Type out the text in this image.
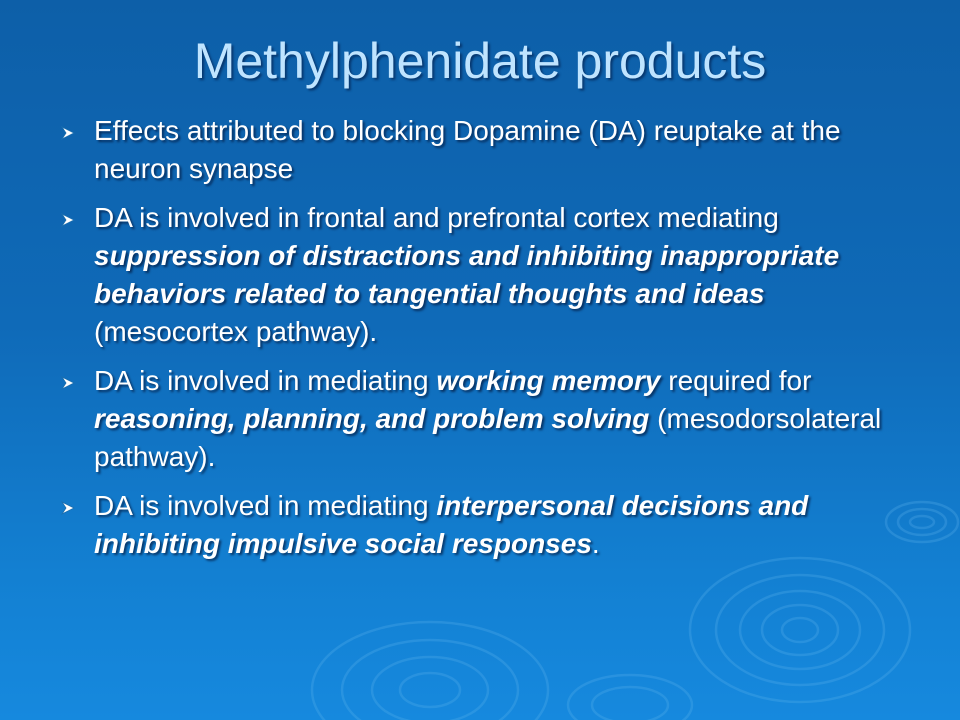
Methylphenidate products
Effects attributed to blocking Dopamine (DA) reuptake at the neuron synapse
DA is involved in frontal and prefrontal cortex mediating suppression of distractions and inhibiting inappropriate behaviors related to tangential thoughts and ideas (mesocortex pathway).
DA is involved in mediating working memory required for reasoning, planning, and problem solving (mesodorsolateral pathway).
DA is involved in mediating interpersonal decisions and inhibiting impulsive social responses.
